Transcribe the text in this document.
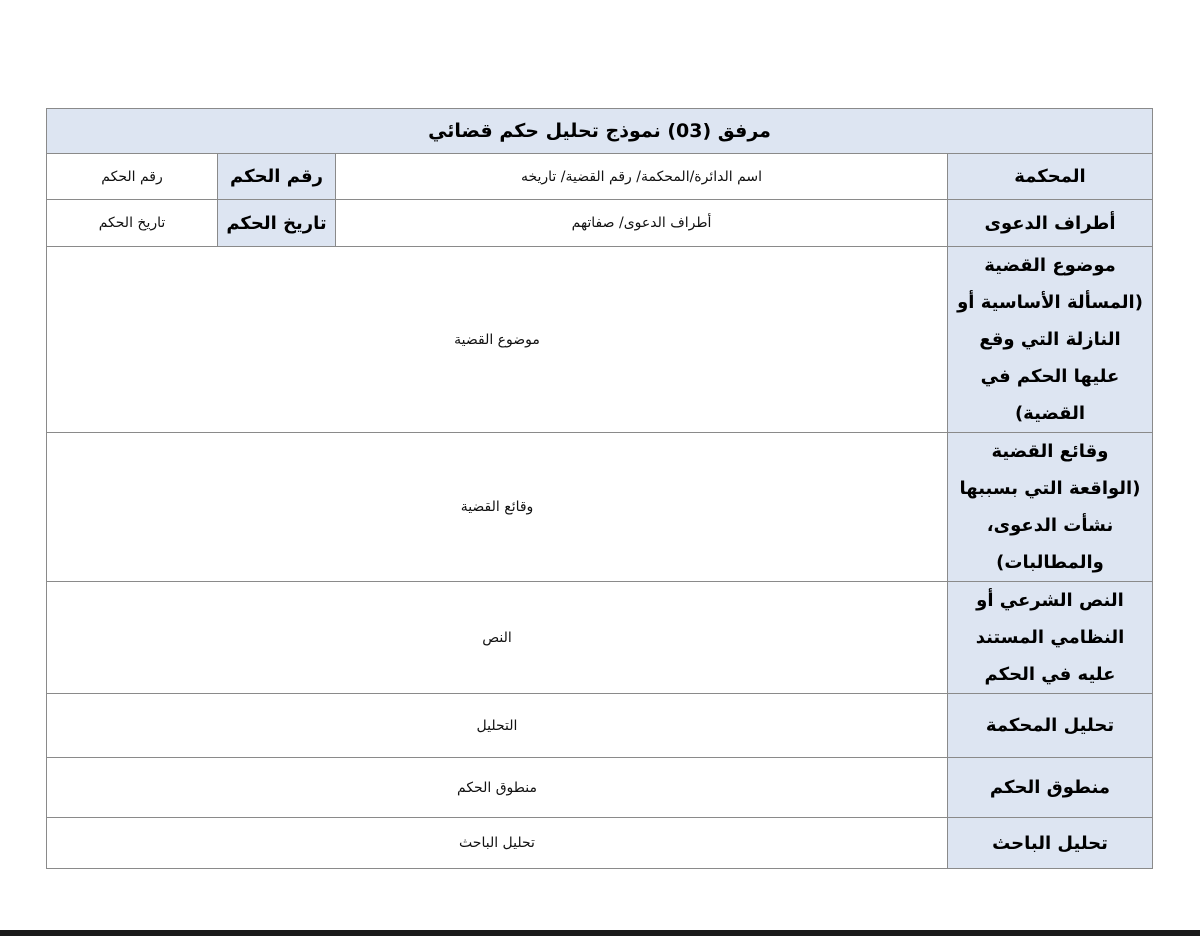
مرفق (03) نموذج تحليل حكم قضائي			
المحكمة	اسم الدائرة/المحكمة/ رقم القضية/ تاريخه	رقم الحكم	رقم الحكم
أطراف الدعوى	أطراف الدعوى/ صفاتهم	تاريخ الحكم	تاريخ الحكم
موضوع القضية (المسألة الأساسية أو النازلة التي وقع عليها الحكم في القضية)	موضوع القضية		
وقائع القضية (الواقعة التي بسببها نشأت الدعوى، والمطالبات)	وقائع القضية		
النص الشرعي أو النظامي المستند عليه في الحكم	النص		
تحليل المحكمة	التحليل		
منطوق الحكم	منطوق الحكم		
تحليل الباحث	تحليل الباحث		
